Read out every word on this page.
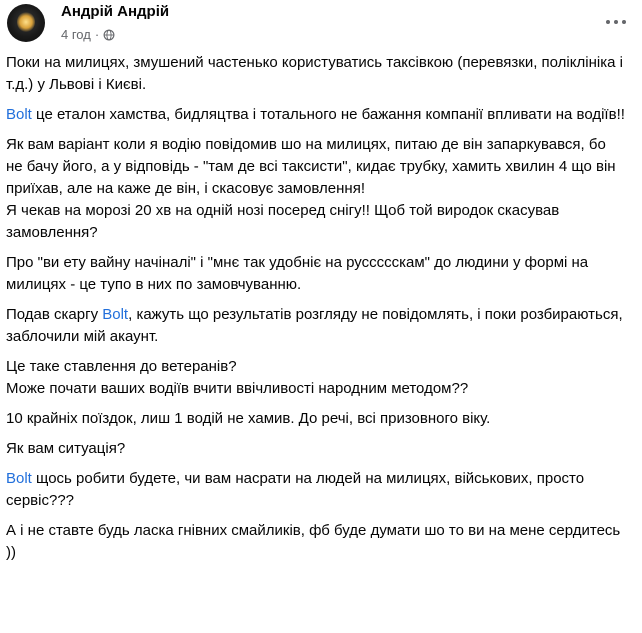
Андрій Андрій
4 год ·
Поки на милицях, змушений частенько користуватись таксівкою (перевязки, поліклініка і т.д.) у Львові і Києві.
Bolt це еталон хамства, бидляцтва і тотального не бажання компанії впливати на водіїв!!
Як вам варіант коли я водію повідомив шо на милицях, питаю де він запаркувався, бо не бачу його, а у відповідь - "там де всі таксисти", кидає трубку, хамить хвилин 4 що він приїхав, але на каже де він, і скасовує замовлення!
Я чекав на морозі 20 хв на одній нозі посеред снігу!! Щоб той виродок скасував замовлення?
Про "ви ету вайну начіналі" і "мнє так удобніє на руссссскам" до людини у формі на милицях - це тупо в них по замовчуванню.
Подав скаргу Bolt, кажуть що результатів розгляду не повідомлять, і поки розбираються, заблочили мій акаунт.
Це таке ставлення до ветеранів?
Може почати ваших водіїв вчити ввічливості народним методом??
10 крайніх поїздок, лиш 1 водій не хамив. До речі, всі призовного віку.
Як вам ситуація?
Bolt щось робити будете, чи вам насрати на людей на милицях, військових, просто сервіс???
А і не ставте будь ласка гнівних смайликів, фб буде думати шо то ви на мене сердитесь ))
